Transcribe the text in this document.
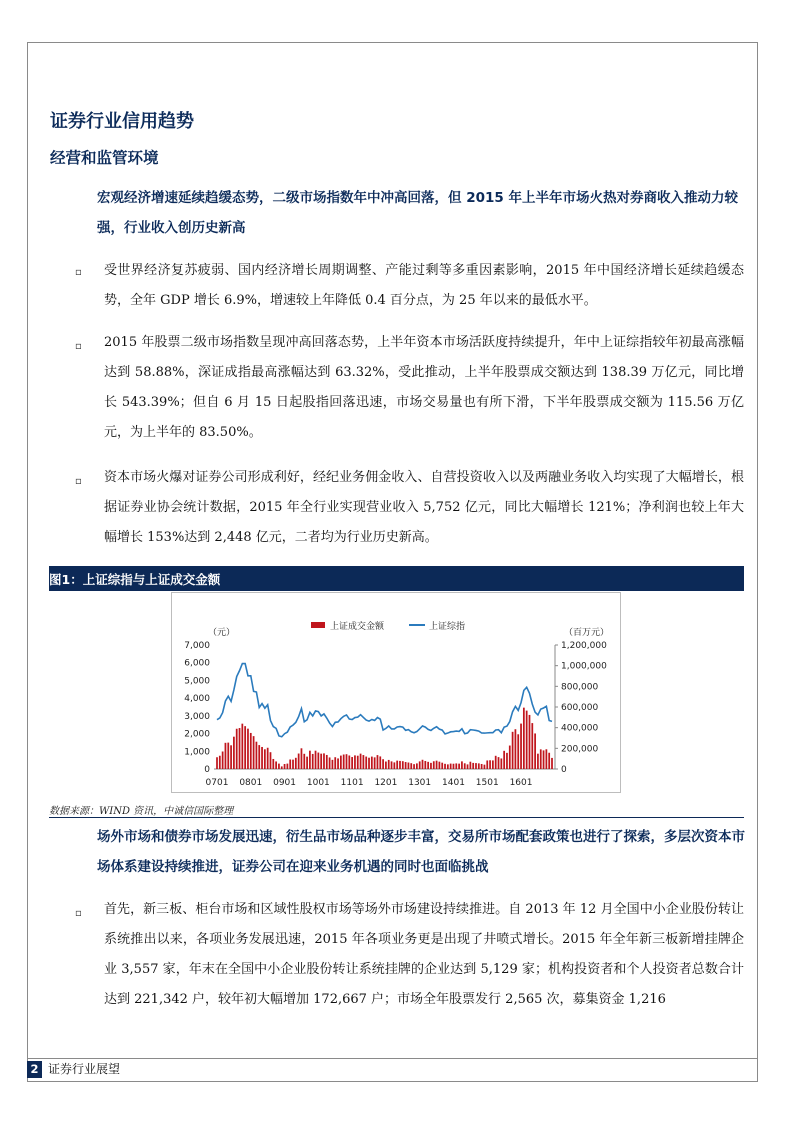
证券行业信用趋势
经营和监管环境
宏观经济增速延续趋缓态势，二级市场指数年中冲高回落，但 2015 年上半年市场火热对券商收入推动力较强，行业收入创历史新高
▫ 受世界经济复苏疲弱、国内经济增长周期调整、产能过剩等多重因素影响，2015 年中国经济增长延续趋缓态势，全年 GDP 增长 6.9%，增速较上年降低 0.4 百分点，为 25 年以来的最低水平。
▫ 2015 年股票二级市场指数呈现冲高回落态势，上半年资本市场活跃度持续提升，年中上证综指较年初最高涨幅达到 58.88%，深证成指最高涨幅达到 63.32%，受此推动，上半年股票成交额达到 138.39 万亿元，同比增长 543.39%；但自 6 月 15 日起股指回落迅速，市场交易量也有所下滑，下半年股票成交额为 115.56 万亿元，为上半年的 83.50%。
▫ 资本市场火爆对证券公司形成利好，经纪业务佣金收入、自营投资收入以及两融业务收入均实现了大幅增长，根据证券业协会统计数据，2015 年全行业实现营业收入 5,752 亿元，同比大幅增长 121%；净利润也较上年大幅增长 153%达到 2,448 亿元，二者均为行业历史新高。
图1：上证综指与上证成交金额
上证成交金额	上证综指
（元）	（百万元）
0
1,000
2,000
3,000
4,000
5,000
6,000
7,000
0
200,000
400,000
600,000
800,000
1,000,000
1,200,000
0701 0801 0901 1001 1101 1201 1301 1401 1501 1601
数据来源：WIND 资讯，中诚信国际整理
场外市场和债券市场发展迅速，衍生品市场品种逐步丰富，交易所市场配套政策也进行了探索，多层次资本市场体系建设持续推进，证券公司在迎来业务机遇的同时也面临挑战
▫ 首先，新三板、柜台市场和区域性股权市场等场外市场建设持续推进。自 2013 年 12 月全国中小企业股份转让系统推出以来，各项业务发展迅速，2015 年各项业务更是出现了井喷式增长。2015 年全年新三板新增挂牌企业 3,557 家，年末在全国中小企业股份转让系统挂牌的企业达到 5,129 家；机构投资者和个人投资者总数合计达到 221,342 户，较年初大幅增加 172,667 户；市场全年股票发行 2,565 次，募集资金 1,216
2 证券行业展望
